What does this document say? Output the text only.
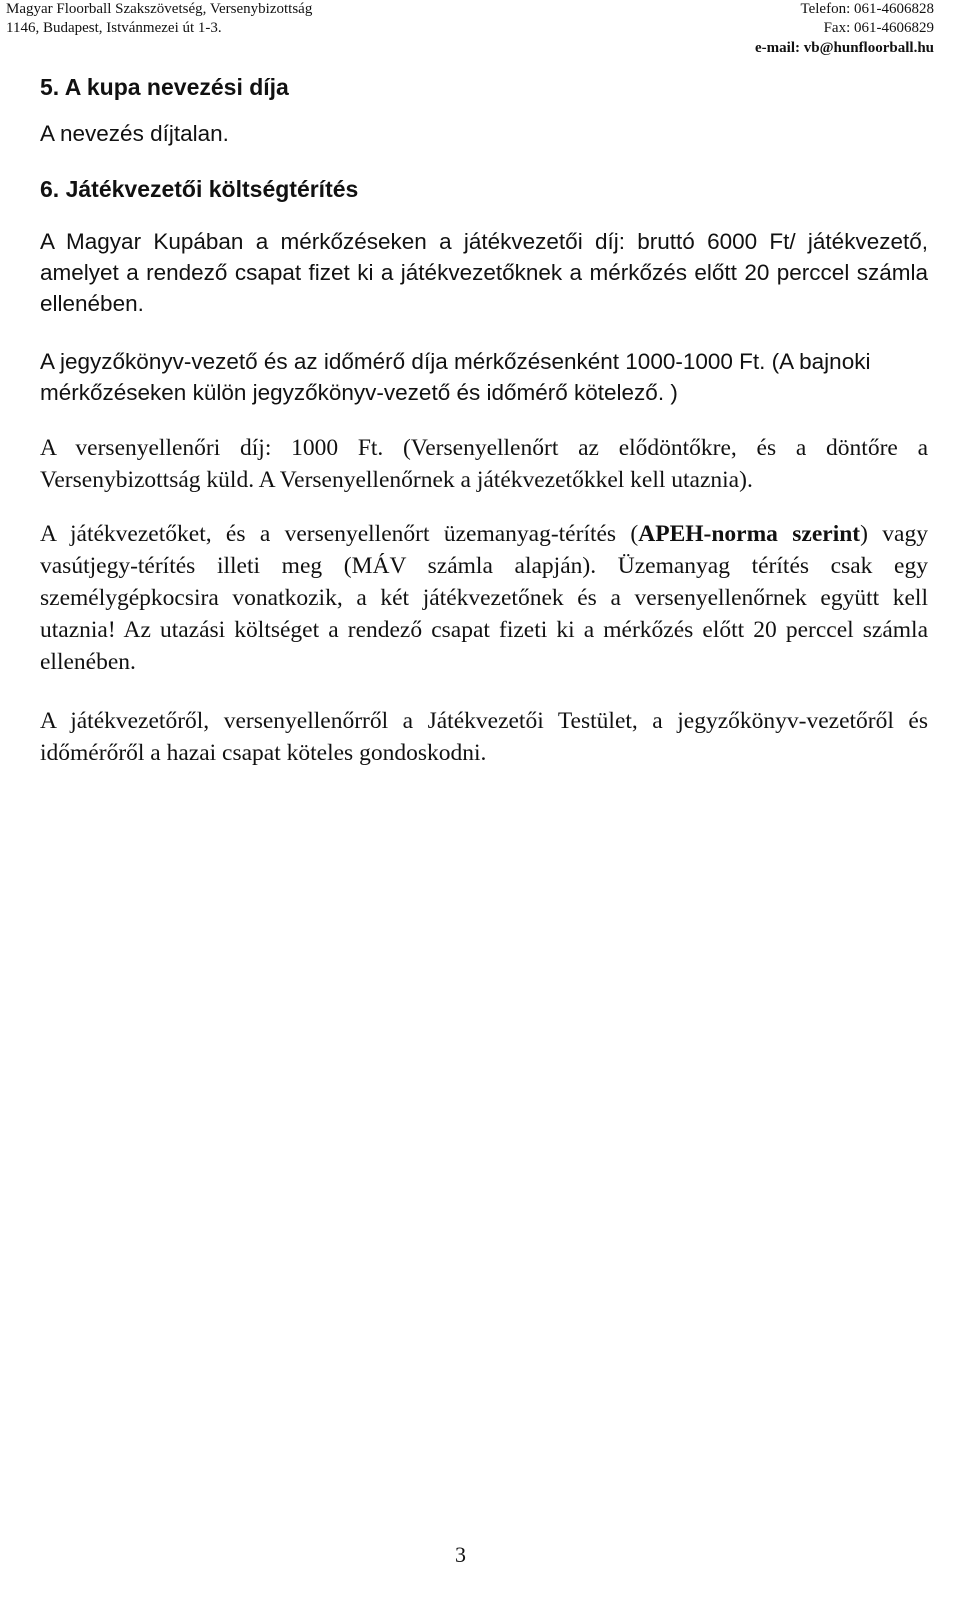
Magyar Floorball Szakszövetség, Versenybizottság
1146, Budapest, Istvánmezei út 1-3.
Telefon: 061-4606828
Fax: 061-4606829
e-mail: vb@hunfloorball.hu
5. A kupa nevezési díja

A nevezés díjtalan.

6. Játékvezetői költségtérítés

A Magyar Kupában a mérkőzéseken a játékvezetői díj: bruttó 6000 Ft/ játékvezető, amelyet a rendező csapat fizet ki a játékvezetőknek a mérkőzés előtt 20 perccel számla ellenében.

A jegyzőkönyv-vezető és az időmérő díja mérkőzésenként 1000-1000 Ft. (A bajnoki mérkőzéseken külön jegyzőkönyv-vezető és időmérő kötelező. )

A versenyellenőri díj: 1000 Ft. (Versenyellenőrt az elődöntőkre, és a döntőre a Versenybizottság küld. A Versenyellenőrnek a játékvezetőkkel kell utaznia).

A játékvezetőket, és a versenyellenőrt üzemanyag-térítés (APEH-norma szerint) vagy vasútjegy-térítés illeti meg (MÁV számla alapján). Üzemanyag térítés csak egy személygépkocsira vonatkozik, a két játékvezetőnek és a versenyellenőrnek együtt kell utaznia! Az utazási költséget a rendező csapat fizeti ki a mérkőzés előtt 20 perccel számla ellenében.

A játékvezetőről, versenyellenőrről a Játékvezetői Testület, a jegyzőkönyv-vezetőről és időmérőről a hazai csapat köteles gondoskodni.

3
